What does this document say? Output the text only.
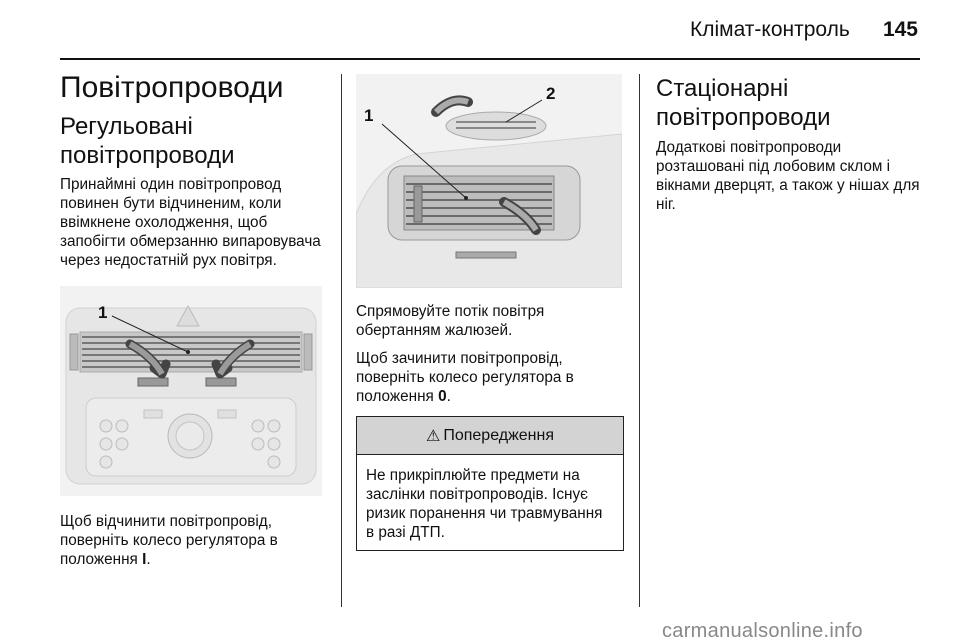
Клімат-контроль 145
Повітропроводи
Регульовані повітропроводи
Принаймні один повітропровод повинен бути відчиненим, коли ввімкнене охолодження, щоб запобігти обмерзанню випаровувача через недостатній рух повітря.
1
Щоб відчинити повітропровід, поверніть колесо регулятора в положення I.
1
2
Спрямовуйте потік повітря обертанням жалюзей.
Щоб зачинити повітропровід, поверніть колесо регулятора в положення 0.
⚠ Попередження
Не прикріплюйте предмети на заслінки повітропроводів. Існує ризик поранення чи травмування в разі ДТП.
Стаціонарні повітропроводи
Додаткові повітропроводи розташовані під лобовим склом і вікнами дверцят, а також у нішах для ніг.
carmanualsonline.info
